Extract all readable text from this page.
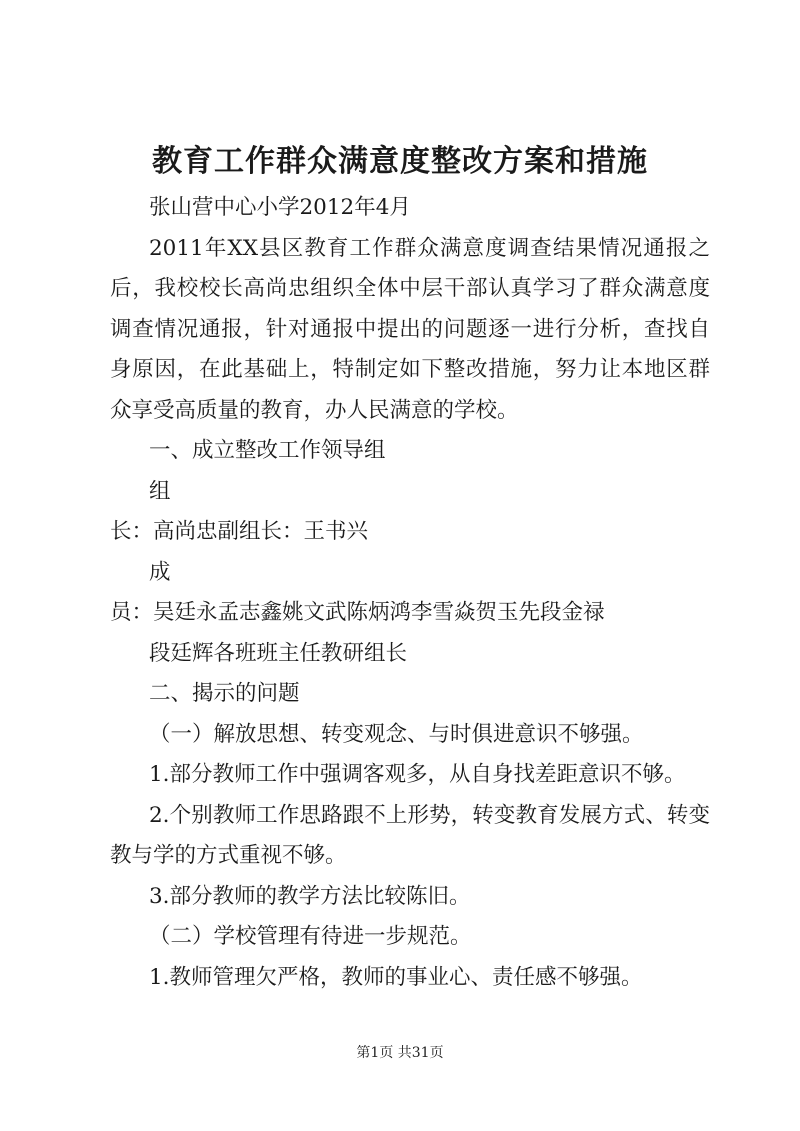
教育工作群众满意度整改方案和措施

张山营中心小学2012年4月

2011年XX县区教育工作群众满意度调查结果情况通报之后，我校校长高尚忠组织全体中层干部认真学习了群众满意度调查情况通报，针对通报中提出的问题逐一进行分析，查找自身原因，在此基础上，特制定如下整改措施，努力让本地区群众享受高质量的教育，办人民满意的学校。

一、成立整改工作领导组

组

长：高尚忠副组长：王书兴

成

员：吴廷永孟志鑫姚文武陈炳鸿李雪焱贺玉先段金禄

段廷辉各班班主任教研组长

二、揭示的问题

（一）解放思想、转变观念、与时俱进意识不够强。

1.部分教师工作中强调客观多，从自身找差距意识不够。

2.个别教师工作思路跟不上形势，转变教育发展方式、转变教与学的方式重视不够。

3.部分教师的教学方法比较陈旧。

（二）学校管理有待进一步规范。

1.教师管理欠严格，教师的事业心、责任感不够强。

第1页 共31页
